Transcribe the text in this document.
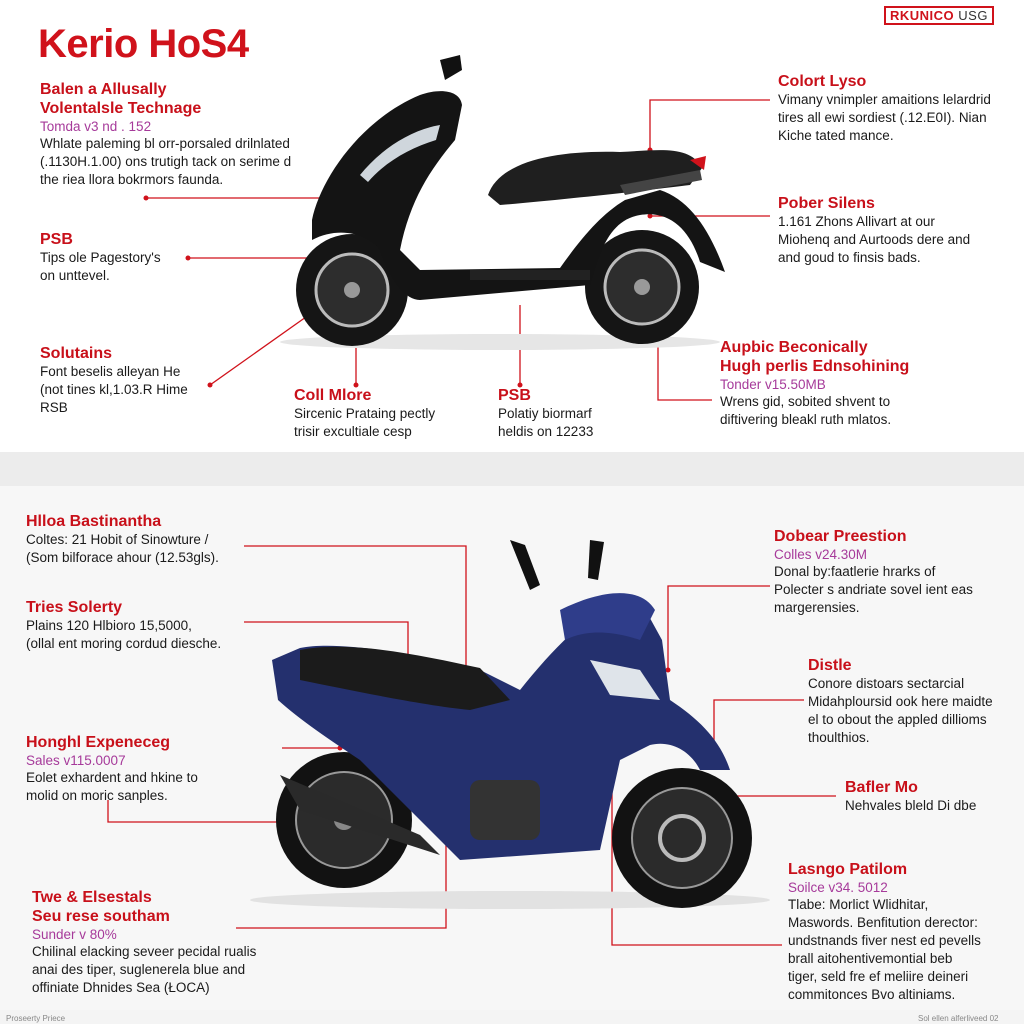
Kerio HoS4
RKUNICO USG
Balen a Allusally
Volentalsle Technage
Tomda v3 nd . 152
Whlate paleming bl orr-porsaled drilnlated
(.1130H.1.00) ons trutigh tack on serime d
the riea llora bokrmors faunda.
PSB
Tips ole Pagestory's
on unttevel.
Solutains
Font beselis alleyan He
(not tines kl,1.03.R Hime
RSB
Coll Mlore
Sircenic Prataing pectly
trisir excultiale cesp
PSB
Polatiy biormarf
heldis on 12233
Colort Lyso
Vimany vnimpler amaitions lelardrid
tires all ewi sordiest (.12.E0I). Nian
Kiche tated mance.
Pober Silens
1.161 Zhons Allivart at our
Miohenq and Aurtoods dere and
and goud to finsis bads.
Aupbic Beconically
Hugh perlis Ednsohining
Tonder v15.50MB
Wrens gid, sobited shvent to
diftivering bleakl ruth mlatos.
Hlloa Bastinantha
Coltes: 21 Hobit of Sinowture /
(Som bilforace ahour (12.53gls).
Tries Solerty
Plains 120 Hlbioro 15,5000,
(ollal ent moring cordud diesche.
Honghl Expeneceg
Sales v115.0007
Eolet exhardent and hkine to
molid on moric sanples.
Twe & Elsestals
Seu rese southam
Sunder v 80%
Chilinal elacking seveer pecidal rualis
anai des tiper, suglenerela blue and
offiniate Dhnides Sea (ŁOCA)
Dobear Preestion
Colles v24.30M
Donal by:faatlerie hrarks of
Polecter s andriate sovel ient eas
margerensies.
Distle
Conore distoars sectarcial
Midahploursid ook here maidte
el to obout the appled dillioms
thoulthios.
Bafler Mo
Nehvales bleld Di dbe
Lasngo Patilom
Soilce v34. 5012
Tlabe: Morlict Wlidhitar,
Maswords. Benfitution derector:
undstnands fiver nest ed pevells
brall aitohentivemontial beb
tiger, seld fre ef meliire deineri
commitonces Bvo altiniams.
Proseerty Priece	Sol ellen alferliveed 02
